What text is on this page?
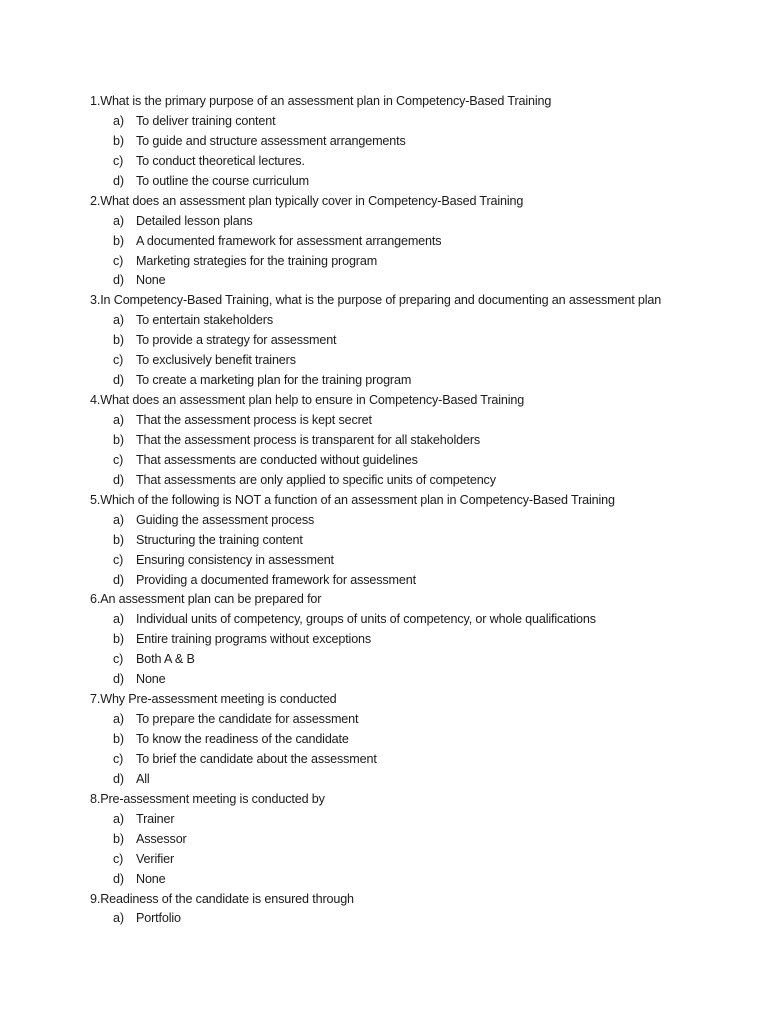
1.What is the primary purpose of an assessment plan in Competency-Based Training
a) To deliver training content
b) To guide and structure assessment arrangements
c) To conduct theoretical lectures.
d) To outline the course curriculum
2.What does an assessment plan typically cover in Competency-Based Training
a) Detailed lesson plans
b) A documented framework for assessment arrangements
c) Marketing strategies for the training program
d) None
3.In Competency-Based Training, what is the purpose of preparing and documenting an assessment plan
a) To entertain stakeholders
b) To provide a strategy for assessment
c) To exclusively benefit trainers
d) To create a marketing plan for the training program
4.What does an assessment plan help to ensure in Competency-Based Training
a) That the assessment process is kept secret
b) That the assessment process is transparent for all stakeholders
c) That assessments are conducted without guidelines
d) That assessments are only applied to specific units of competency
5.Which of the following is NOT a function of an assessment plan in Competency-Based Training
a) Guiding the assessment process
b) Structuring the training content
c) Ensuring consistency in assessment
d) Providing a documented framework for assessment
6.An assessment plan can be prepared for
a) Individual units of competency, groups of units of competency, or whole qualifications
b) Entire training programs without exceptions
c) Both A & B
d) None
7.Why Pre-assessment meeting is conducted
a) To prepare the candidate for assessment
b) To know the readiness of the candidate
c) To brief the candidate about the assessment
d) All
8.Pre-assessment meeting is conducted by
a) Trainer
b) Assessor
c) Verifier
d) None
9.Readiness of the candidate is ensured through
a) Portfolio
